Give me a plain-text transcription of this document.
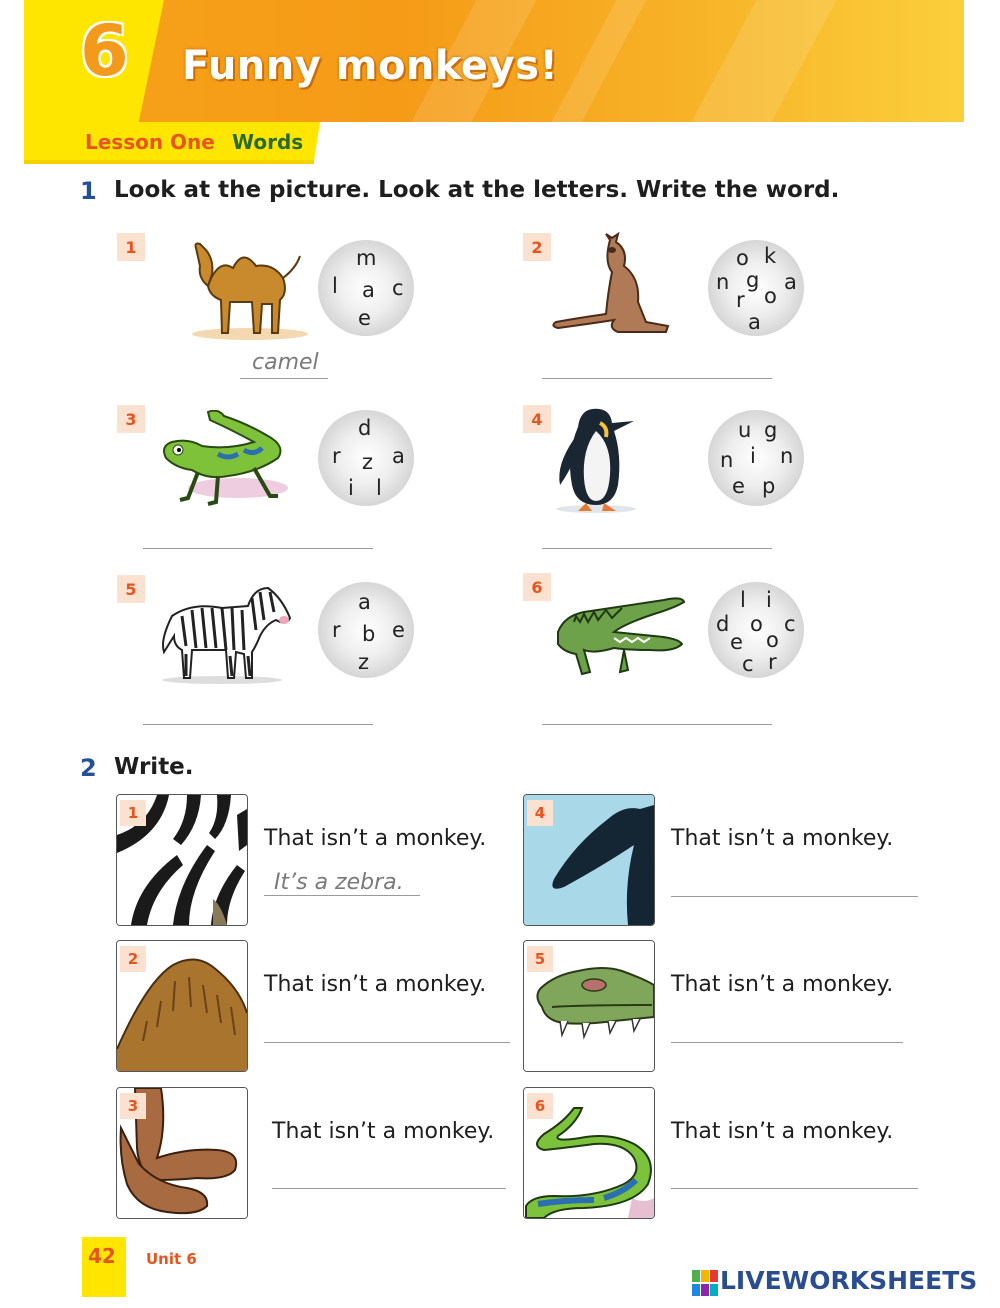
6 Funny monkeys!
Lesson One Words
1 Look at the picture. Look at the letters. Write the word.
1	m
l a c
e
camel
2	o k
n g a
r o
a
3	d
r z a
i l
4	u g
n i n
e p
5
a
r b e
z
6
l i
d o c
e o
c r
2 Write.
1
That isn’t a monkey.
It’s a zebra.
2
That isn’t a monkey.
3
That isn’t a monkey.
4
That isn’t a monkey.
5
That isn’t a monkey.
6
That isn’t a monkey.
42 Unit 6
LIVEWORKSHEETS
